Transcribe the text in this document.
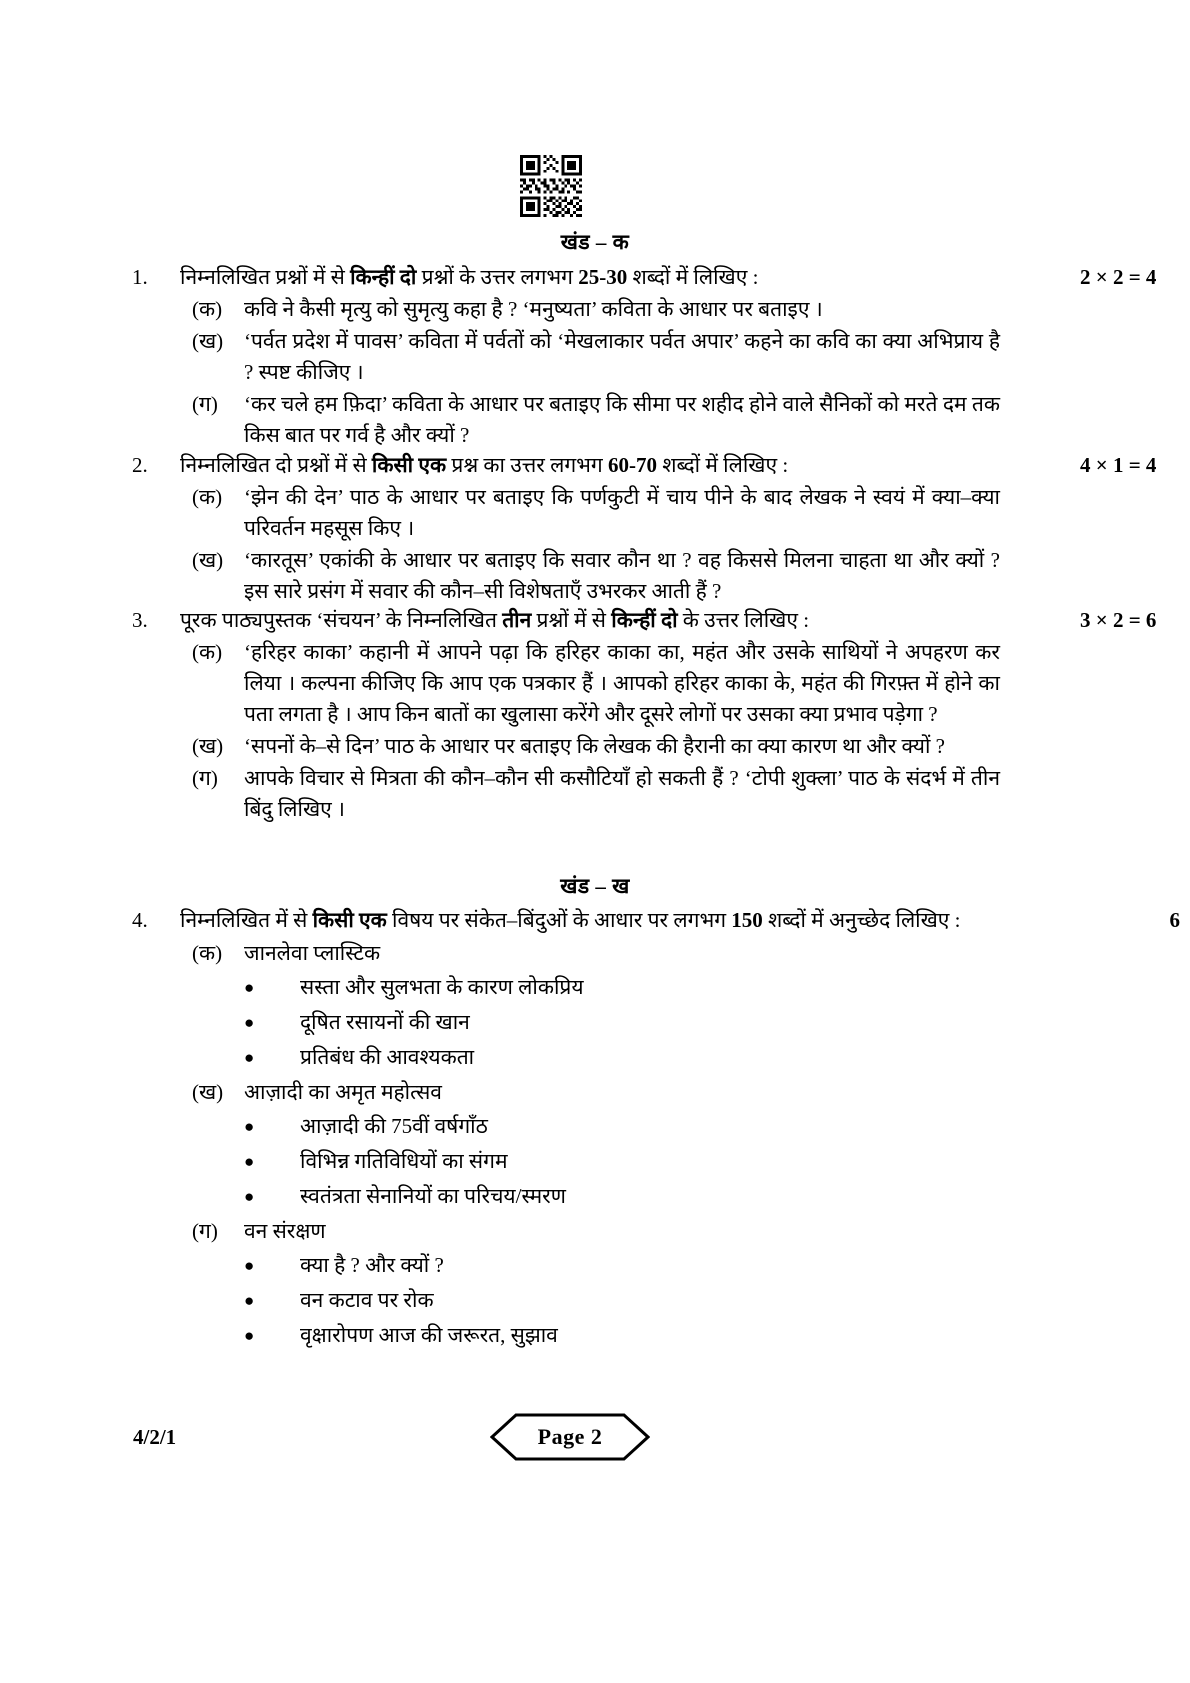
खंड – क
1.	निम्नलिखित प्रश्नों में से किन्हीं दो प्रश्नों के उत्तर लगभग 25-30 शब्दों में लिखिए :	2 × 2 = 4
(क)	कवि ने कैसी मृत्यु को सुमृत्यु कहा है ? ‘मनुष्यता’ कविता के आधार पर बताइए ।
(ख) ‘पर्वत प्रदेश में पावस’ कविता में पर्वतों को ‘मेखलाकार पर्वत अपार’ कहने का कवि का क्या अभिप्राय है ? स्पष्ट कीजिए ।
(ग)	‘कर चले हम फ़िदा’ कविता के आधार पर बताइए कि सीमा पर शहीद होने वाले सैनिकों को मरते दम तक किस बात पर गर्व है और क्यों ?
2.	निम्नलिखित दो प्रश्नों में से किसी एक प्रश्न का उत्तर लगभग 60-70 शब्दों में लिखिए :	4 × 1 = 4
(क)	‘झेन की देन’ पाठ के आधार पर बताइए कि पर्णकुटी में चाय पीने के बाद लेखक ने स्वयं में क्या–क्या परिवर्तन महसूस किए ।
(ख) ‘कारतूस’ एकांकी के आधार पर बताइए कि सवार कौन था ? वह किससे मिलना चाहता था और क्यों ? इस सारे प्रसंग में सवार की कौन–सी विशेषताएँ उभरकर आती हैं ?
3.	पूरक पाठ्यपुस्तक ‘संचयन’ के निम्नलिखित तीन प्रश्नों में से किन्हीं दो के उत्तर लिखिए :	3 × 2 = 6
(क)	‘हरिहर काका’ कहानी में आपने पढ़ा कि हरिहर काका का, महंत और उसके साथियों ने अपहरण कर लिया । कल्पना कीजिए कि आप एक पत्रकार हैं । आपको हरिहर काका के, महंत की गिरफ़्त में होने का पता लगता है । आप किन बातों का खुलासा करेंगे और दूसरे लोगों पर उसका क्या प्रभाव पड़ेगा ?
(ख) ‘सपनों के–से दिन’ पाठ के आधार पर बताइए कि लेखक की हैरानी का क्या कारण था और क्यों ?
(ग)	आपके विचार से मित्रता की कौन–कौन सी कसौटियाँ हो सकती हैं ? ‘टोपी शुक्ला’ पाठ के संदर्भ में तीन बिंदु लिखिए ।
खंड – ख
4.	निम्नलिखित में से किसी एक विषय पर संकेत–बिंदुओं के आधार पर लगभग 150 शब्दों में अनुच्छेद लिखिए :	6
(क)	जानलेवा प्लास्टिक
● सस्ता और सुलभता के कारण लोकप्रिय
● दूषित रसायनों की खान
● प्रतिबंध की आवश्यकता
(ख) आज़ादी का अमृत महोत्सव
● आज़ादी की 75वीं वर्षगाँठ
● विभिन्न गतिविधियों का संगम
● स्वतंत्रता सेनानियों का परिचय/स्मरण
(ग)	वन संरक्षण
● क्या है ? और क्यों ?
● वन कटाव पर रोक
● वृक्षारोपण आज की जरूरत, सुझाव
4/2/1	Page 2
